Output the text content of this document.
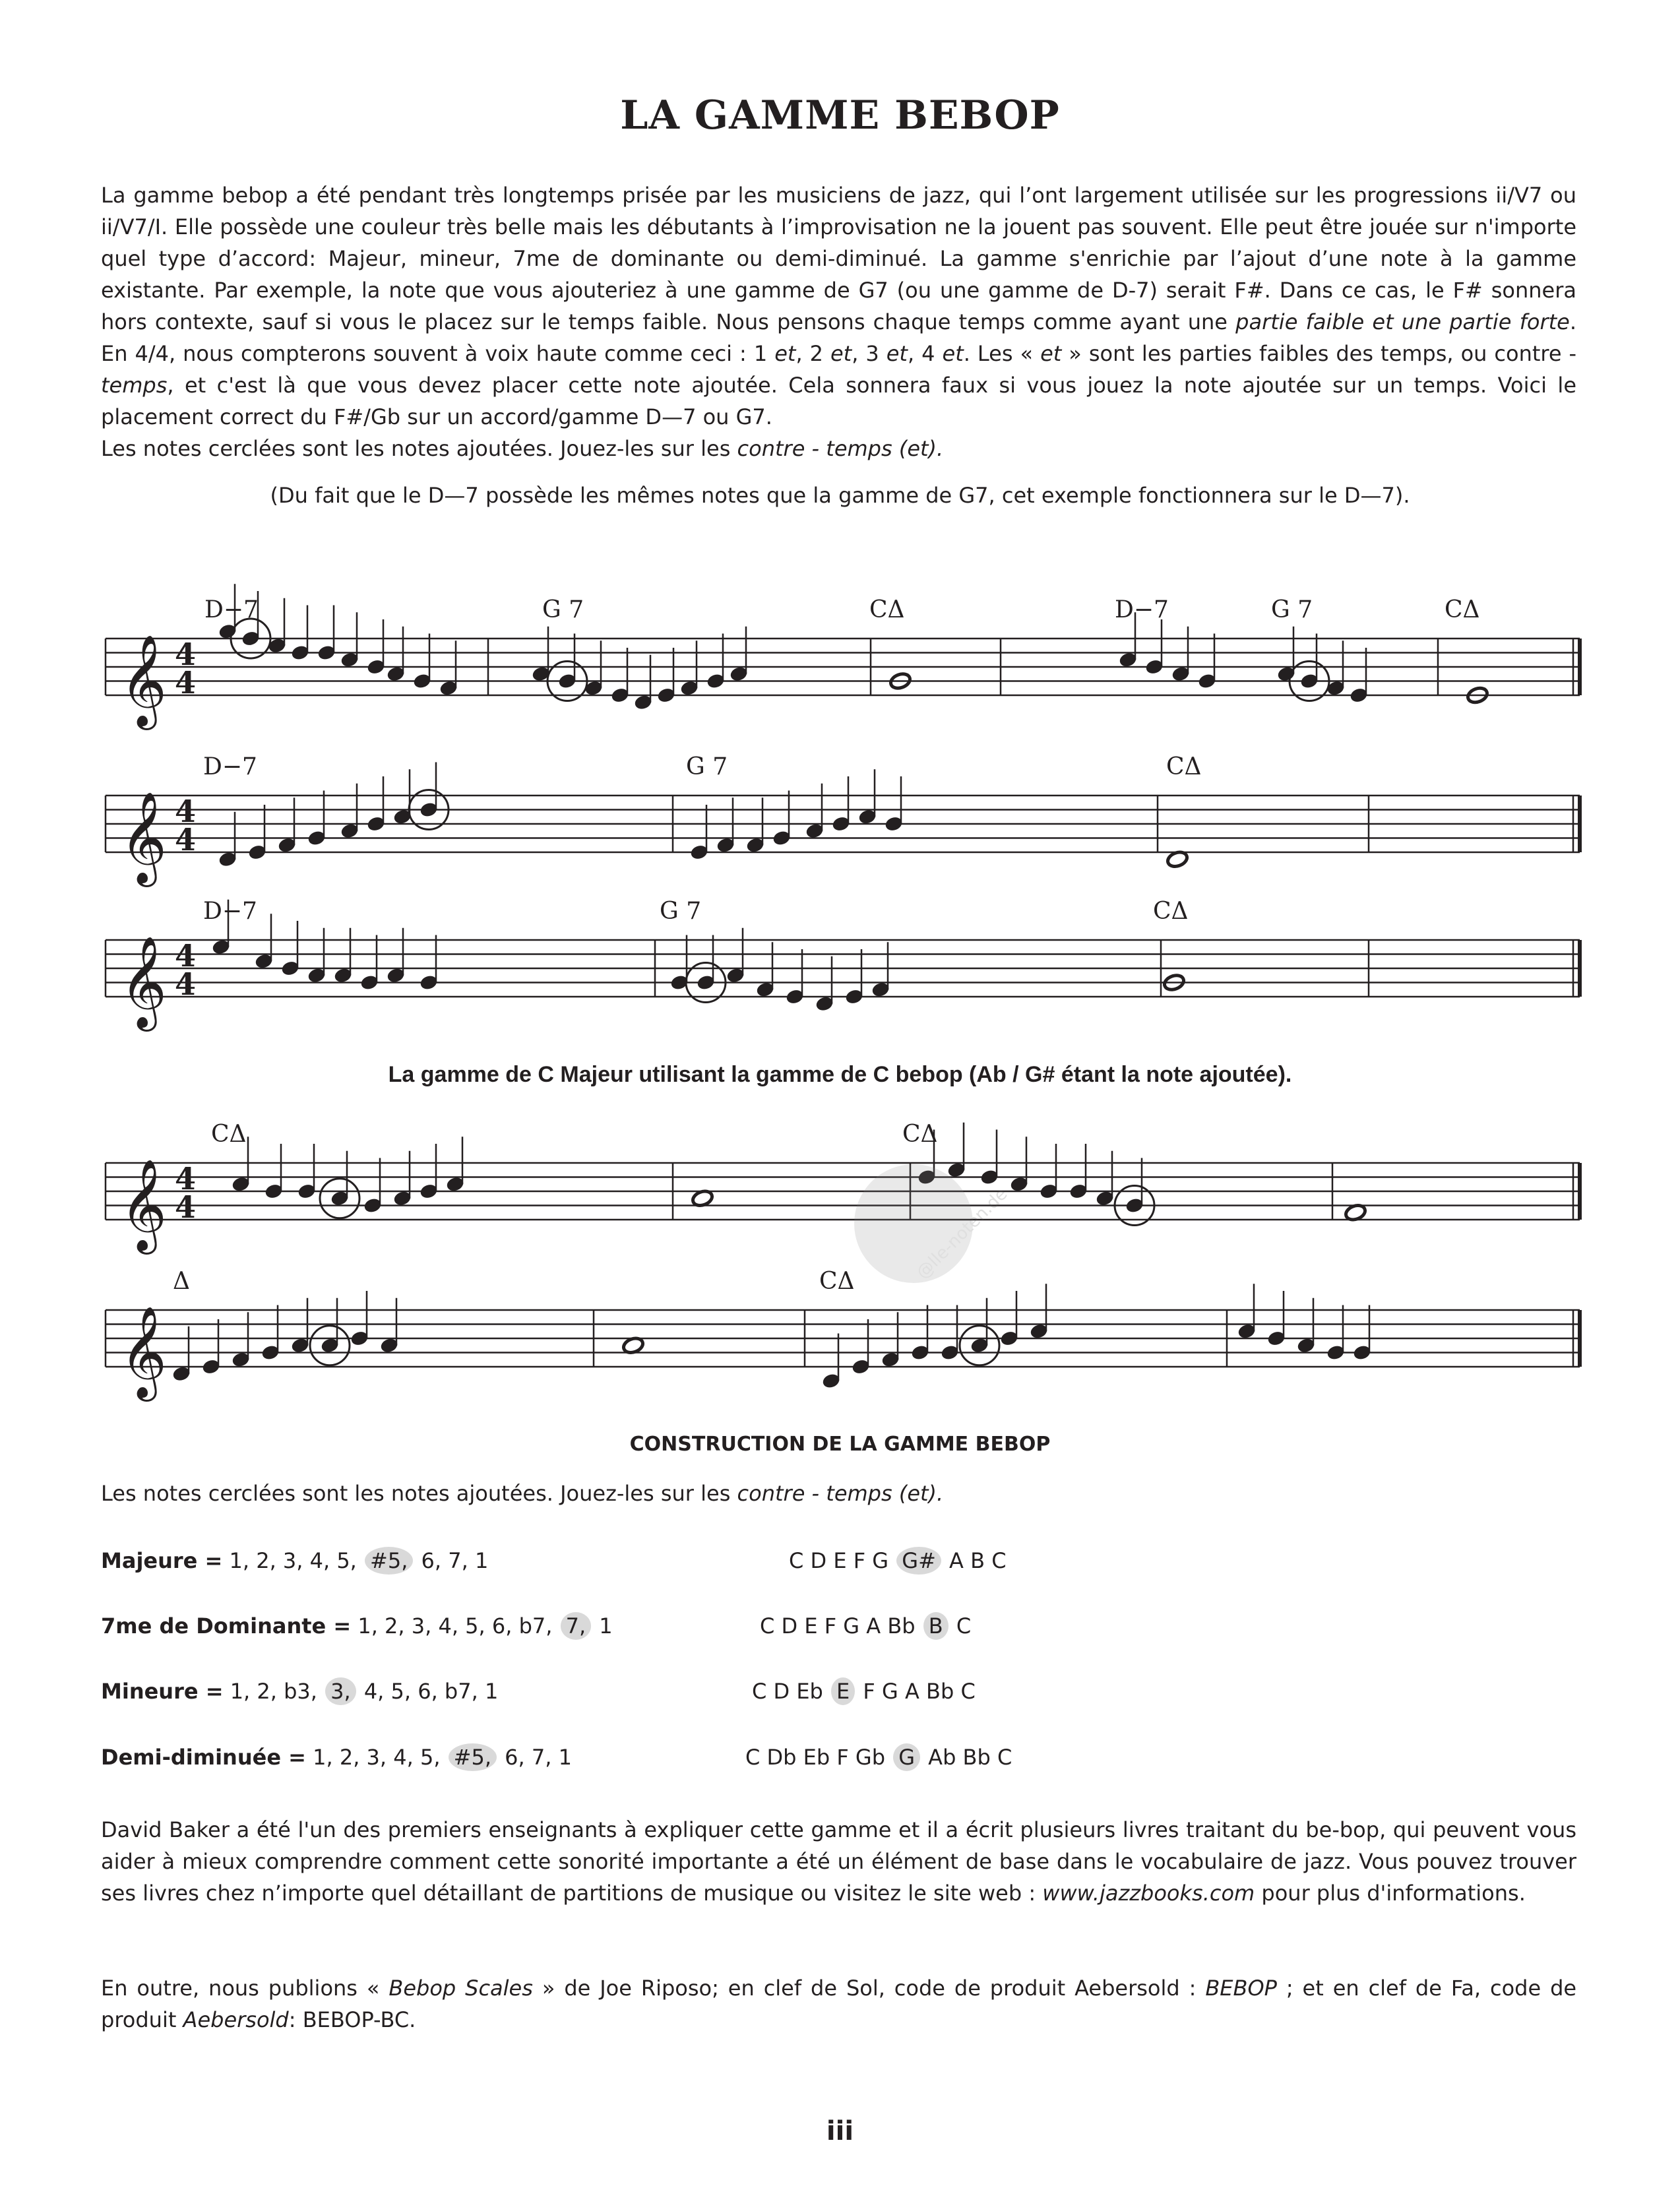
LA GAMME BEBOP

La gamme bebop a été pendant très longtemps prisée par les musiciens de jazz, qui l’ont largement utilisée sur les progressions ii/V7 ou ii/V7/I. Elle possède une couleur très belle mais les débutants à l’improvisation ne la jouent pas souvent. Elle peut être jouée sur n'importe quel type d’accord: Majeur, mineur, 7me de dominante ou demi-diminué. La gamme s'enrichie par l’ajout d’une note à la gamme existante. Par exemple, la note que vous ajouteriez à une gamme de G7 (ou une gamme de D-7) serait F#. Dans ce cas, le F# sonnera hors contexte, sauf si vous le placez sur le temps faible. Nous pensons chaque temps comme ayant une partie faible et une partie forte. En 4/4, nous compterons souvent à voix haute comme ceci : 1 et, 2 et, 3 et, 4 et. Les « et » sont les parties faibles des temps, ou contre - temps, et c'est là que vous devez placer cette note ajoutée. Cela sonnera faux si vous jouez la note ajoutée sur un temps. Voici le placement correct du F#/Gb sur un accord/gamme D—7 ou G7.

Les notes cerclées sont les notes ajoutées. Jouez-les sur les contre - temps (et).

(Du fait que le D—7 possède les mêmes notes que la gamme de G7, cet exemple fonctionnera sur le D—7).
𝄞 4
4
𝄞 4
4
𝄞 4
4
𝄞 4
4
𝄞
D−7	G 7	CΔ	D−7	G 7	CΔ
D−7	G 7	CΔ
D−7	G 7	CΔ
CΔ	CΔ
Δ	CΔ	@lle-noten.de
La gamme de C Majeur utilisant la gamme de C bebop (Ab / G# étant la note ajoutée).
CONSTRUCTION DE LA GAMME BEBOP
Les notes cerclées sont les notes ajoutées. Jouez-les sur les contre - temps (et).
Majeure = 1, 2, 3, 4, 5, #5, 6, 7, 1	C D E F G G# A B C
7me de Dominante = 1, 2, 3, 4, 5, 6, b7, 7, 1	C D E F G A Bb B C
Mineure = 1, 2, b3, 3, 4, 5, 6, b7, 1	C D Eb E F G A Bb C
Demi-diminuée = 1, 2, 3, 4, 5, #5, 6, 7, 1	C Db Eb F Gb G Ab Bb C

David Baker a été l'un des premiers enseignants à expliquer cette gamme et il a écrit plusieurs livres traitant du be-bop, qui peuvent vous aider à mieux comprendre comment cette sonorité importante a été un élément de base dans le vocabulaire de jazz. Vous pouvez trouver ses livres chez n’importe quel détaillant de partitions de musique ou visitez le site web : www.jazzbooks.com pour plus d'informations.

En outre, nous publions « Bebop Scales » de Joe Riposo; en clef de Sol, code de produit Aebersold : BEBOP ; et en clef de Fa, code de produit Aebersold: BEBOP-BC.

iii
